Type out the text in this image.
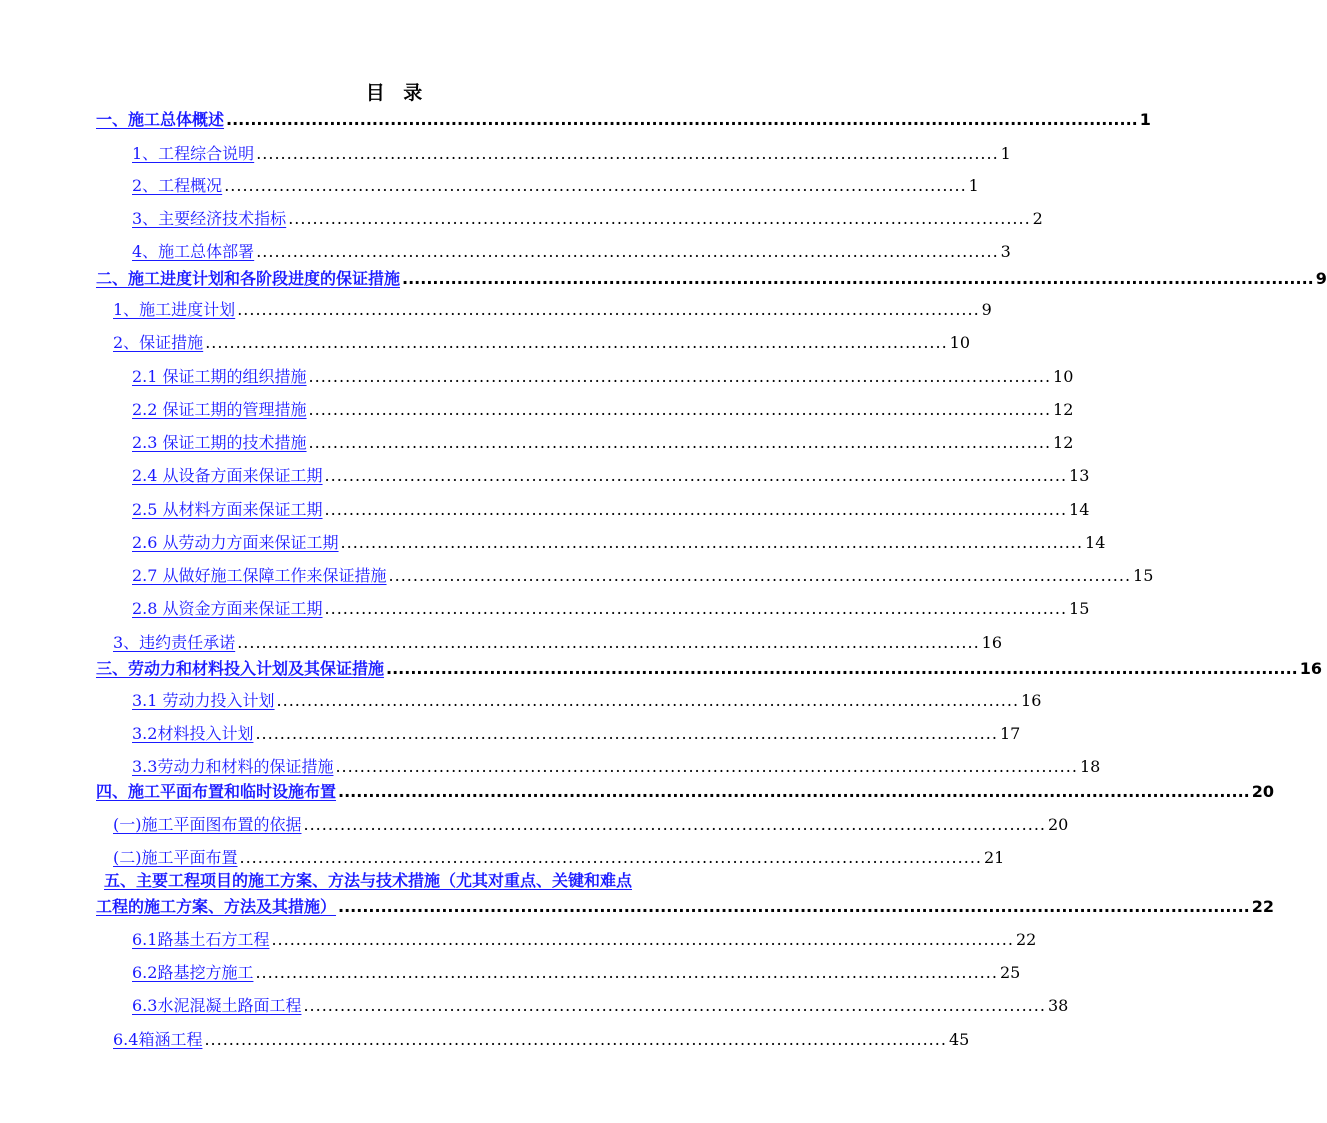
目 录
一、施工总体概述 ...................................................................................................................................................... 1
1、工程综合说明 .......................................................................................................................... 1
2、工程概况 .......................................................................................................................... 1
3、主要经济技术指标 .......................................................................................................................... 2
4、施工总体部署 .......................................................................................................................... 3
二、施工进度计划和各阶段进度的保证措施 ...................................................................................................................................................... 9
1、施工进度计划 .......................................................................................................................... 9
2、保证措施 .......................................................................................................................... 10
2.1 保证工期的组织措施 .......................................................................................................................... 10
2.2 保证工期的管理措施 .......................................................................................................................... 12
2.3 保证工期的技术措施 .......................................................................................................................... 12
2.4 从设备方面来保证工期 .......................................................................................................................... 13
2.5 从材料方面来保证工期 .......................................................................................................................... 14
2.6 从劳动力方面来保证工期 .......................................................................................................................... 14
2.7 从做好施工保障工作来保证措施 .......................................................................................................................... 15
2.8 从资金方面来保证工期 .......................................................................................................................... 15
3、违约责任承诺 .......................................................................................................................... 16
三、劳动力和材料投入计划及其保证措施 ...................................................................................................................................................... 16
3.1 劳动力投入计划 .......................................................................................................................... 16
3.2材料投入计划 .......................................................................................................................... 17
3.3劳动力和材料的保证措施 .......................................................................................................................... 18
四、施工平面布置和临时设施布置 ...................................................................................................................................................... 20
(一)施工平面图布置的依据 .......................................................................................................................... 20
(二)施工平面布置 .......................................................................................................................... 21
五、主要工程项目的施工方案、方法与技术措施（尤其对重点、关键和难点
工程的施工方案、方法及其措施） ...................................................................................................................................................... 22
6.1路基土石方工程 .......................................................................................................................... 22
6.2路基挖方施工 .......................................................................................................................... 25
6.3水泥混凝土路面工程 .......................................................................................................................... 38
6.4箱涵工程 .......................................................................................................................... 45
